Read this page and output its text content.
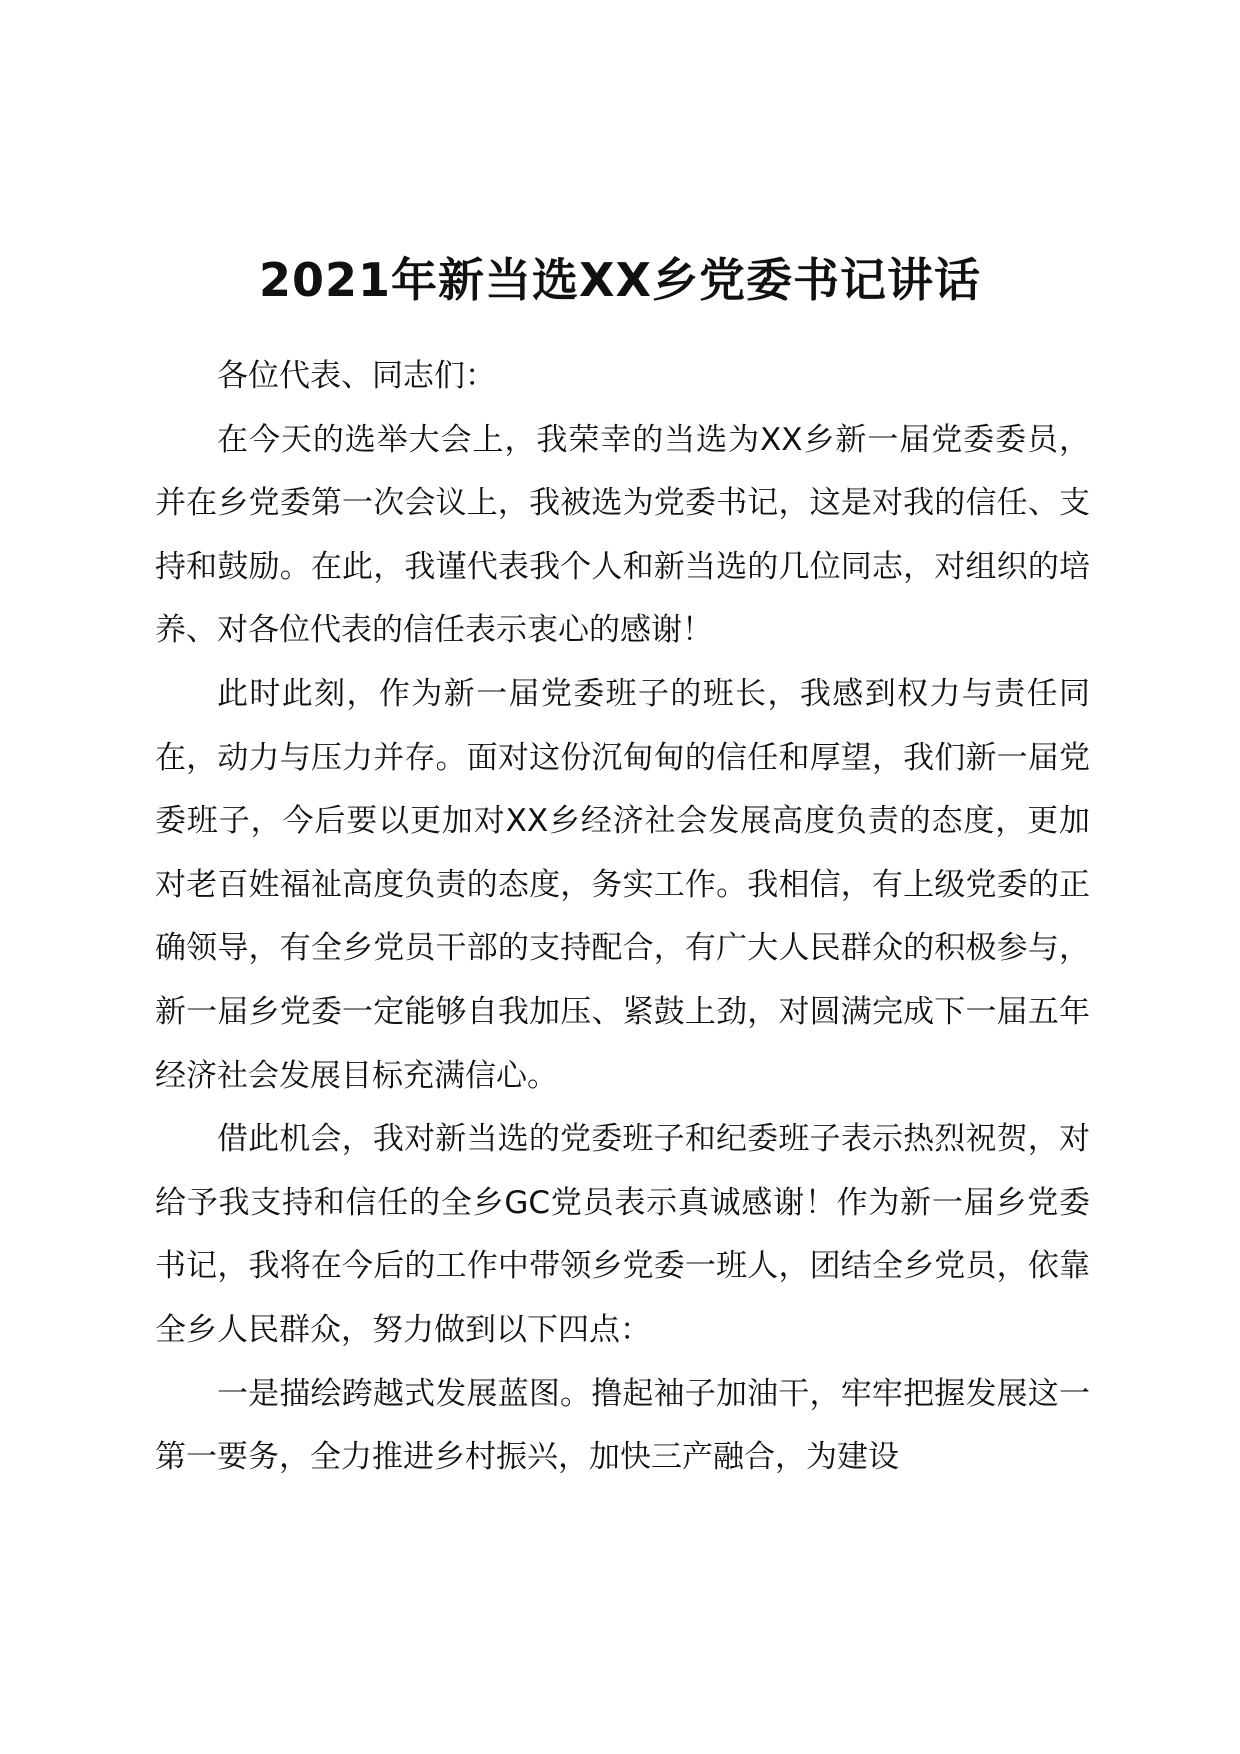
2021年新当选XX乡党委书记讲话

各位代表、同志们：

在今天的选举大会上，我荣幸的当选为XX乡新一届党委委员，并在乡党委第一次会议上，我被选为党委书记，这是对我的信任、支持和鼓励。在此，我谨代表我个人和新当选的几位同志，对组织的培养、对各位代表的信任表示衷心的感谢！

此时此刻，作为新一届党委班子的班长，我感到权力与责任同在，动力与压力并存。面对这份沉甸甸的信任和厚望，我们新一届党委班子，今后要以更加对XX乡经济社会发展高度负责的态度，更加对老百姓福祉高度负责的态度，务实工作。我相信，有上级党委的正确领导，有全乡党员干部的支持配合，有广大人民群众的积极参与，新一届乡党委一定能够自我加压、紧鼓上劲，对圆满完成下一届五年经济社会发展目标充满信心。

借此机会，我对新当选的党委班子和纪委班子表示热烈祝贺，对给予我支持和信任的全乡GC党员表示真诚感谢！作为新一届乡党委书记，我将在今后的工作中带领乡党委一班人，团结全乡党员，依靠全乡人民群众，努力做到以下四点：

一是描绘跨越式发展蓝图。撸起袖子加油干，牢牢把握发展这一第一要务，全力推进乡村振兴，加快三产融合，为建设
